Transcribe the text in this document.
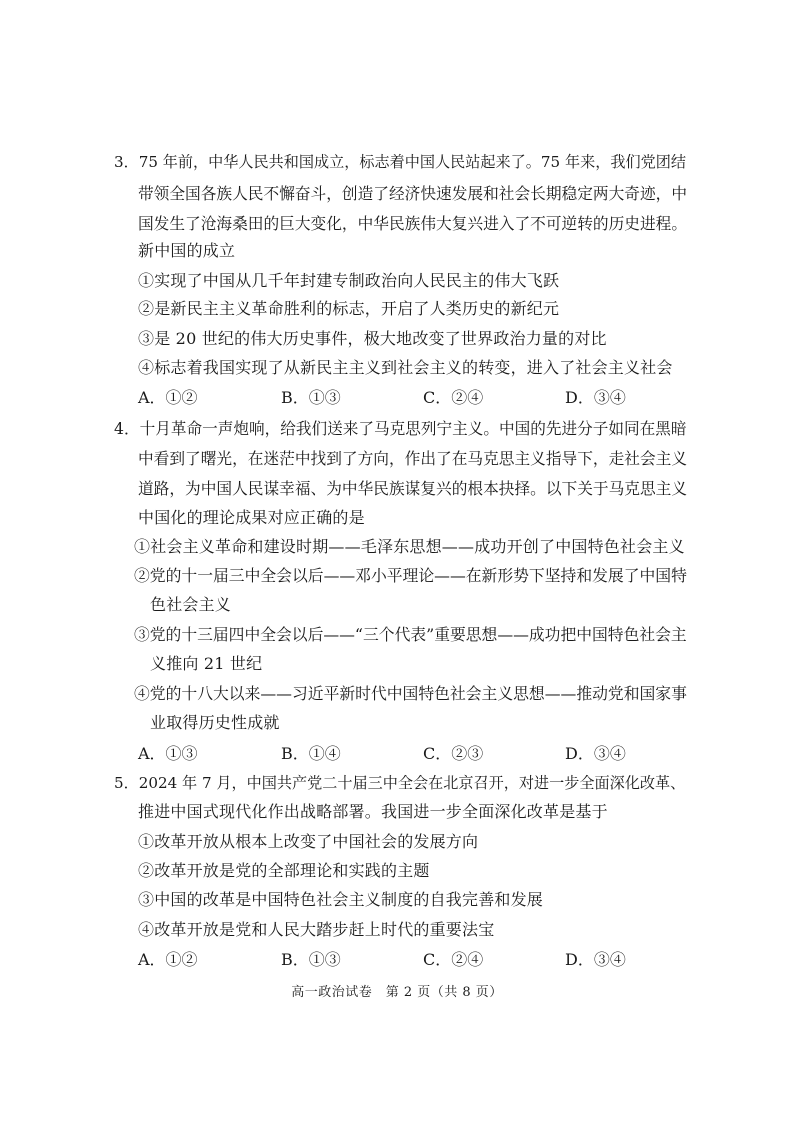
3．75 年前，中华人民共和国成立，标志着中国人民站起来了。75 年来，我们党团结
带领全国各族人民不懈奋斗，创造了经济快速发展和社会长期稳定两大奇迹，中
国发生了沧海桑田的巨大变化，中华民族伟大复兴进入了不可逆转的历史进程。
新中国的成立
①实现了中国从几千年封建专制政治向人民民主的伟大飞跃
②是新民主主义革命胜利的标志，开启了人类历史的新纪元
③是 20 世纪的伟大历史事件，极大地改变了世界政治力量的对比
④标志着我国实现了从新民主主义到社会主义的转变，进入了社会主义社会
A．①②	B．①③	C．②④	D．③④
4．十月革命一声炮响，给我们送来了马克思列宁主义。中国的先进分子如同在黑暗
中看到了曙光，在迷茫中找到了方向，作出了在马克思主义指导下，走社会主义
道路，为中国人民谋幸福、为中华民族谋复兴的根本抉择。以下关于马克思主义
中国化的理论成果对应正确的是
①社会主义革命和建设时期——毛泽东思想——成功开创了中国特色社会主义
②党的十一届三中全会以后——邓小平理论——在新形势下坚持和发展了中国特
色社会主义
③党的十三届四中全会以后——“三个代表”重要思想——成功把中国特色社会主
义推向 21 世纪
④党的十八大以来——习近平新时代中国特色社会主义思想——推动党和国家事
业取得历史性成就
A．①③	B．①④	C．②③	D．③④
5．2024 年 7 月，中国共产党二十届三中全会在北京召开，对进一步全面深化改革、
推进中国式现代化作出战略部署。我国进一步全面深化改革是基于
①改革开放从根本上改变了中国社会的发展方向
②改革开放是党的全部理论和实践的主题
③中国的改革是中国特色社会主义制度的自我完善和发展
④改革开放是党和人民大踏步赶上时代的重要法宝
A．①②	B．①③	C．②④	D．③④
高一政治试卷　第 2 页（共 8 页）
